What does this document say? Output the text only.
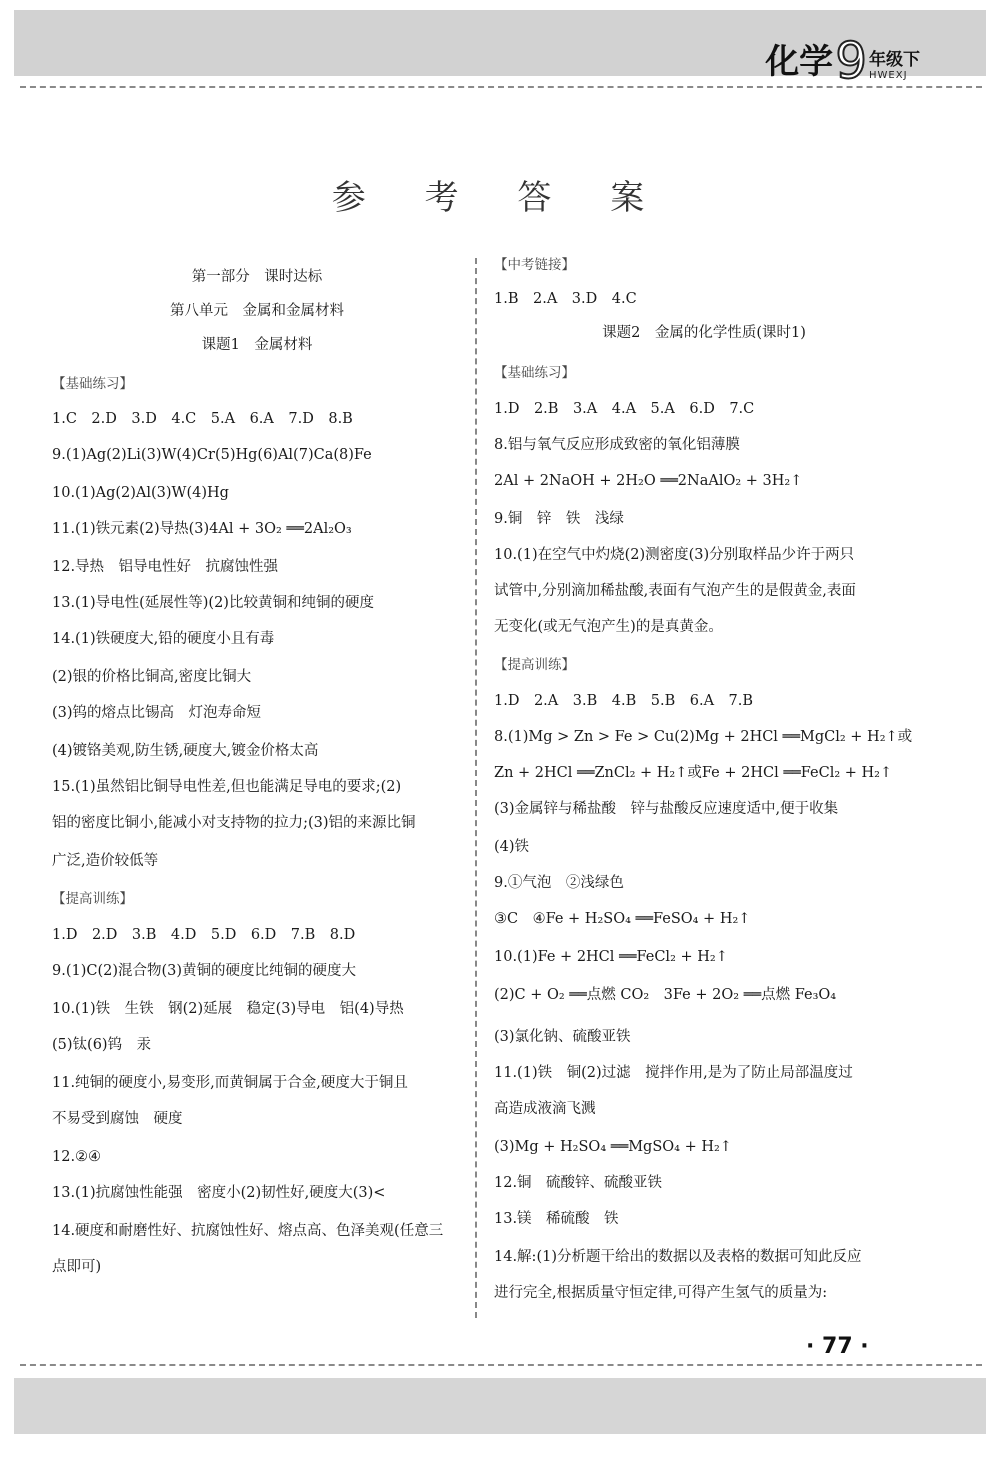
化学 9 年级下
HWEXJ
参 考 答 案
第一部分　课时达标
第八单元　金属和金属材料
课题1　金属材料
【基础练习】
1.C　2.D　3.D　4.C　5.A　6.A　7.D　8.B
9.(1)Ag(2)Li(3)W(4)Cr(5)Hg(6)Al(7)Ca(8)Fe
10.(1)Ag(2)Al(3)W(4)Hg
11.(1)铁元素(2)导热(3)4Al + 3O₂ ══2Al₂O₃
12.导热　铝导电性好　抗腐蚀性强
13.(1)导电性(延展性等)(2)比较黄铜和纯铜的硬度
14.(1)铁硬度大,铅的硬度小且有毒
(2)银的价格比铜高,密度比铜大
(3)钨的熔点比锡高　灯泡寿命短
(4)镀铬美观,防生锈,硬度大,镀金价格太高
15.(1)虽然铝比铜导电性差,但也能满足导电的要求;(2)
铝的密度比铜小,能减小对支持物的拉力;(3)铝的来源比铜
广泛,造价较低等
【提高训练】
1.D　2.D　3.B　4.D　5.D　6.D　7.B　8.D
9.(1)C(2)混合物(3)黄铜的硬度比纯铜的硬度大
10.(1)铁　生铁　钢(2)延展　稳定(3)导电　铝(4)导热
(5)钛(6)钨　汞
11.纯铜的硬度小,易变形,而黄铜属于合金,硬度大于铜且
不易受到腐蚀　硬度
12.②④
13.(1)抗腐蚀性能强　密度小(2)韧性好,硬度大(3)<
14.硬度和耐磨性好、抗腐蚀性好、熔点高、色泽美观(任意三
点即可)
【中考链接】
1.B　2.A　3.D　4.C
课题2　金属的化学性质(课时1)
【基础练习】
1.D　2.B　3.A　4.A　5.A　6.D　7.C
8.铝与氧气反应形成致密的氧化铝薄膜
2Al + 2NaOH + 2H₂O ══2NaAlO₂ + 3H₂↑
9.铜　锌　铁　浅绿
10.(1)在空气中灼烧(2)测密度(3)分别取样品少许于两只
试管中,分别滴加稀盐酸,表面有气泡产生的是假黄金,表面
无变化(或无气泡产生)的是真黄金。
【提高训练】
1.D　2.A　3.B　4.B　5.B　6.A　7.B
8.(1)Mg > Zn > Fe > Cu(2)Mg + 2HCl ══MgCl₂ + H₂↑或
Zn + 2HCl ══ZnCl₂ + H₂↑或Fe + 2HCl ══FeCl₂ + H₂↑
(3)金属锌与稀盐酸　锌与盐酸反应速度适中,便于收集
(4)铁
9.①气泡　②浅绿色
③C　④Fe + H₂SO₄ ══FeSO₄ + H₂↑
10.(1)Fe + 2HCl ══FeCl₂ + H₂↑
(2)C + O₂ ══点燃 CO₂　3Fe + 2O₂ ══点燃 Fe₃O₄
(3)氯化钠、硫酸亚铁
11.(1)铁　铜(2)过滤　搅拌作用,是为了防止局部温度过
高造成液滴飞溅
(3)Mg + H₂SO₄ ══MgSO₄ + H₂↑
12.铜　硫酸锌、硫酸亚铁
13.镁　稀硫酸　铁
14.解:(1)分析题干给出的数据以及表格的数据可知此反应
进行完全,根据质量守恒定律,可得产生氢气的质量为:
· 77 ·
